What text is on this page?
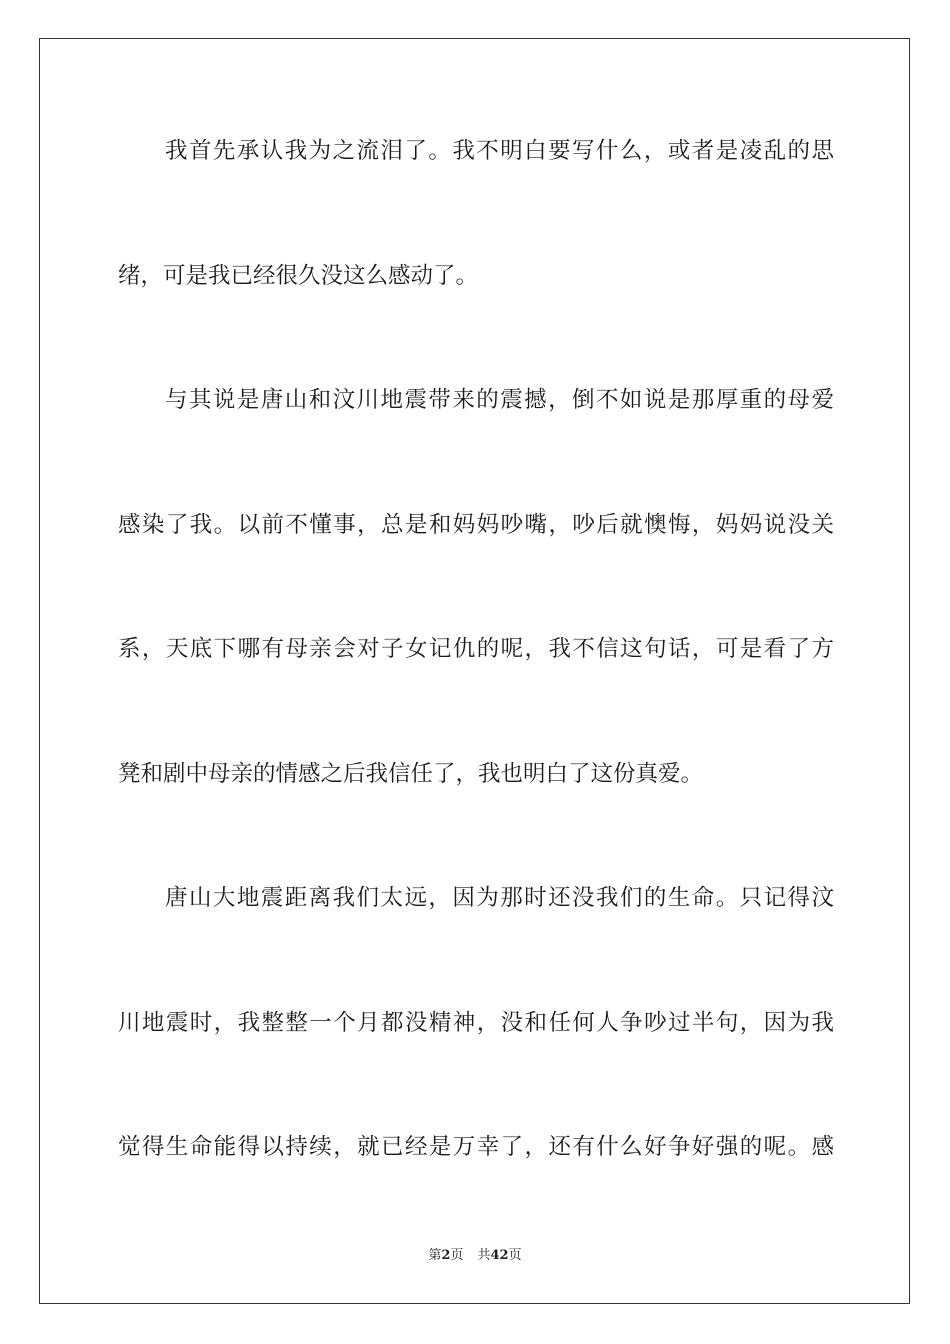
我首先承认我为之流泪了。我不明白要写什么，或者是凌乱的思
绪，可是我已经很久没这么感动了。
与其说是唐山和汶川地震带来的震撼，倒不如说是那厚重的母爱
感染了我。以前不懂事，总是和妈妈吵嘴，吵后就懊悔，妈妈说没关
系，天底下哪有母亲会对子女记仇的呢，我不信这句话，可是看了方
凳和剧中母亲的情感之后我信任了，我也明白了这份真爱。
唐山大地震距离我们太远，因为那时还没我们的生命。只记得汶
川地震时，我整整一个月都没精神，没和任何人争吵过半句，因为我
觉得生命能得以持续，就已经是万幸了，还有什么好争好强的呢。感
第2页 共42页
